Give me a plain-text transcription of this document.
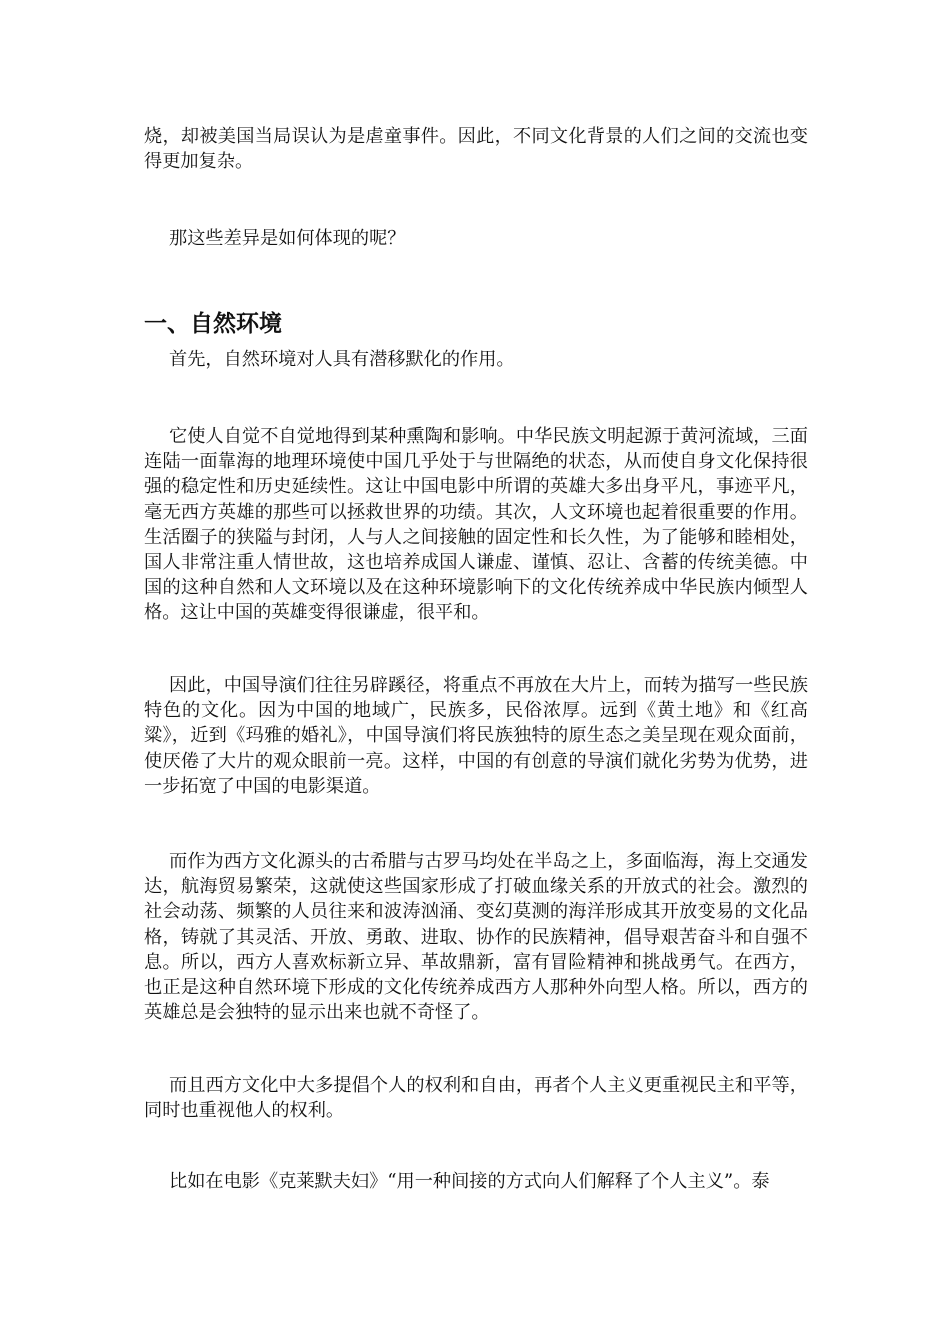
烧，却被美国当局误认为是虐童事件。因此，不同文化背景的人们之间的交流也变得更加复杂。

那这些差异是如何体现的呢？

一、自然环境

首先，自然环境对人具有潜移默化的作用。

它使人自觉不自觉地得到某种熏陶和影响。中华民族文明起源于黄河流域，三面连陆一面靠海的地理环境使中国几乎处于与世隔绝的状态，从而使自身文化保持很强的稳定性和历史延续性。这让中国电影中所谓的英雄大多出身平凡，事迹平凡，毫无西方英雄的那些可以拯救世界的功绩。其次，人文环境也起着很重要的作用。生活圈子的狭隘与封闭，人与人之间接触的固定性和长久性，为了能够和睦相处，国人非常注重人情世故，这也培养成国人谦虚、谨慎、忍让、含蓄的传统美德。中国的这种自然和人文环境以及在这种环境影响下的文化传统养成中华民族内倾型人格。这让中国的英雄变得很谦虚，很平和。

因此，中国导演们往往另辟蹊径，将重点不再放在大片上，而转为描写一些民族特色的文化。因为中国的地域广，民族多，民俗浓厚。远到《黄土地》和《红高粱》，近到《玛雅的婚礼》，中国导演们将民族独特的原生态之美呈现在观众面前，使厌倦了大片的观众眼前一亮。这样，中国的有创意的导演们就化劣势为优势，进一步拓宽了中国的电影渠道。

而作为西方文化源头的古希腊与古罗马均处在半岛之上，多面临海，海上交通发达，航海贸易繁荣，这就使这些国家形成了打破血缘关系的开放式的社会。激烈的社会动荡、频繁的人员往来和波涛汹涌、变幻莫测的海洋形成其开放变易的文化品格，铸就了其灵活、开放、勇敢、进取、协作的民族精神，倡导艰苦奋斗和自强不息。所以，西方人喜欢标新立异、革故鼎新，富有冒险精神和挑战勇气。在西方，也正是这种自然环境下形成的文化传统养成西方人那种外向型人格。所以，西方的英雄总是会独特的显示出来也就不奇怪了。

而且西方文化中大多提倡个人的权利和自由，再者个人主义更重视民主和平等，同时也重视他人的权利。

比如在电影《克莱默夫妇》“用一种间接的方式向人们解释了个人主义”。泰
